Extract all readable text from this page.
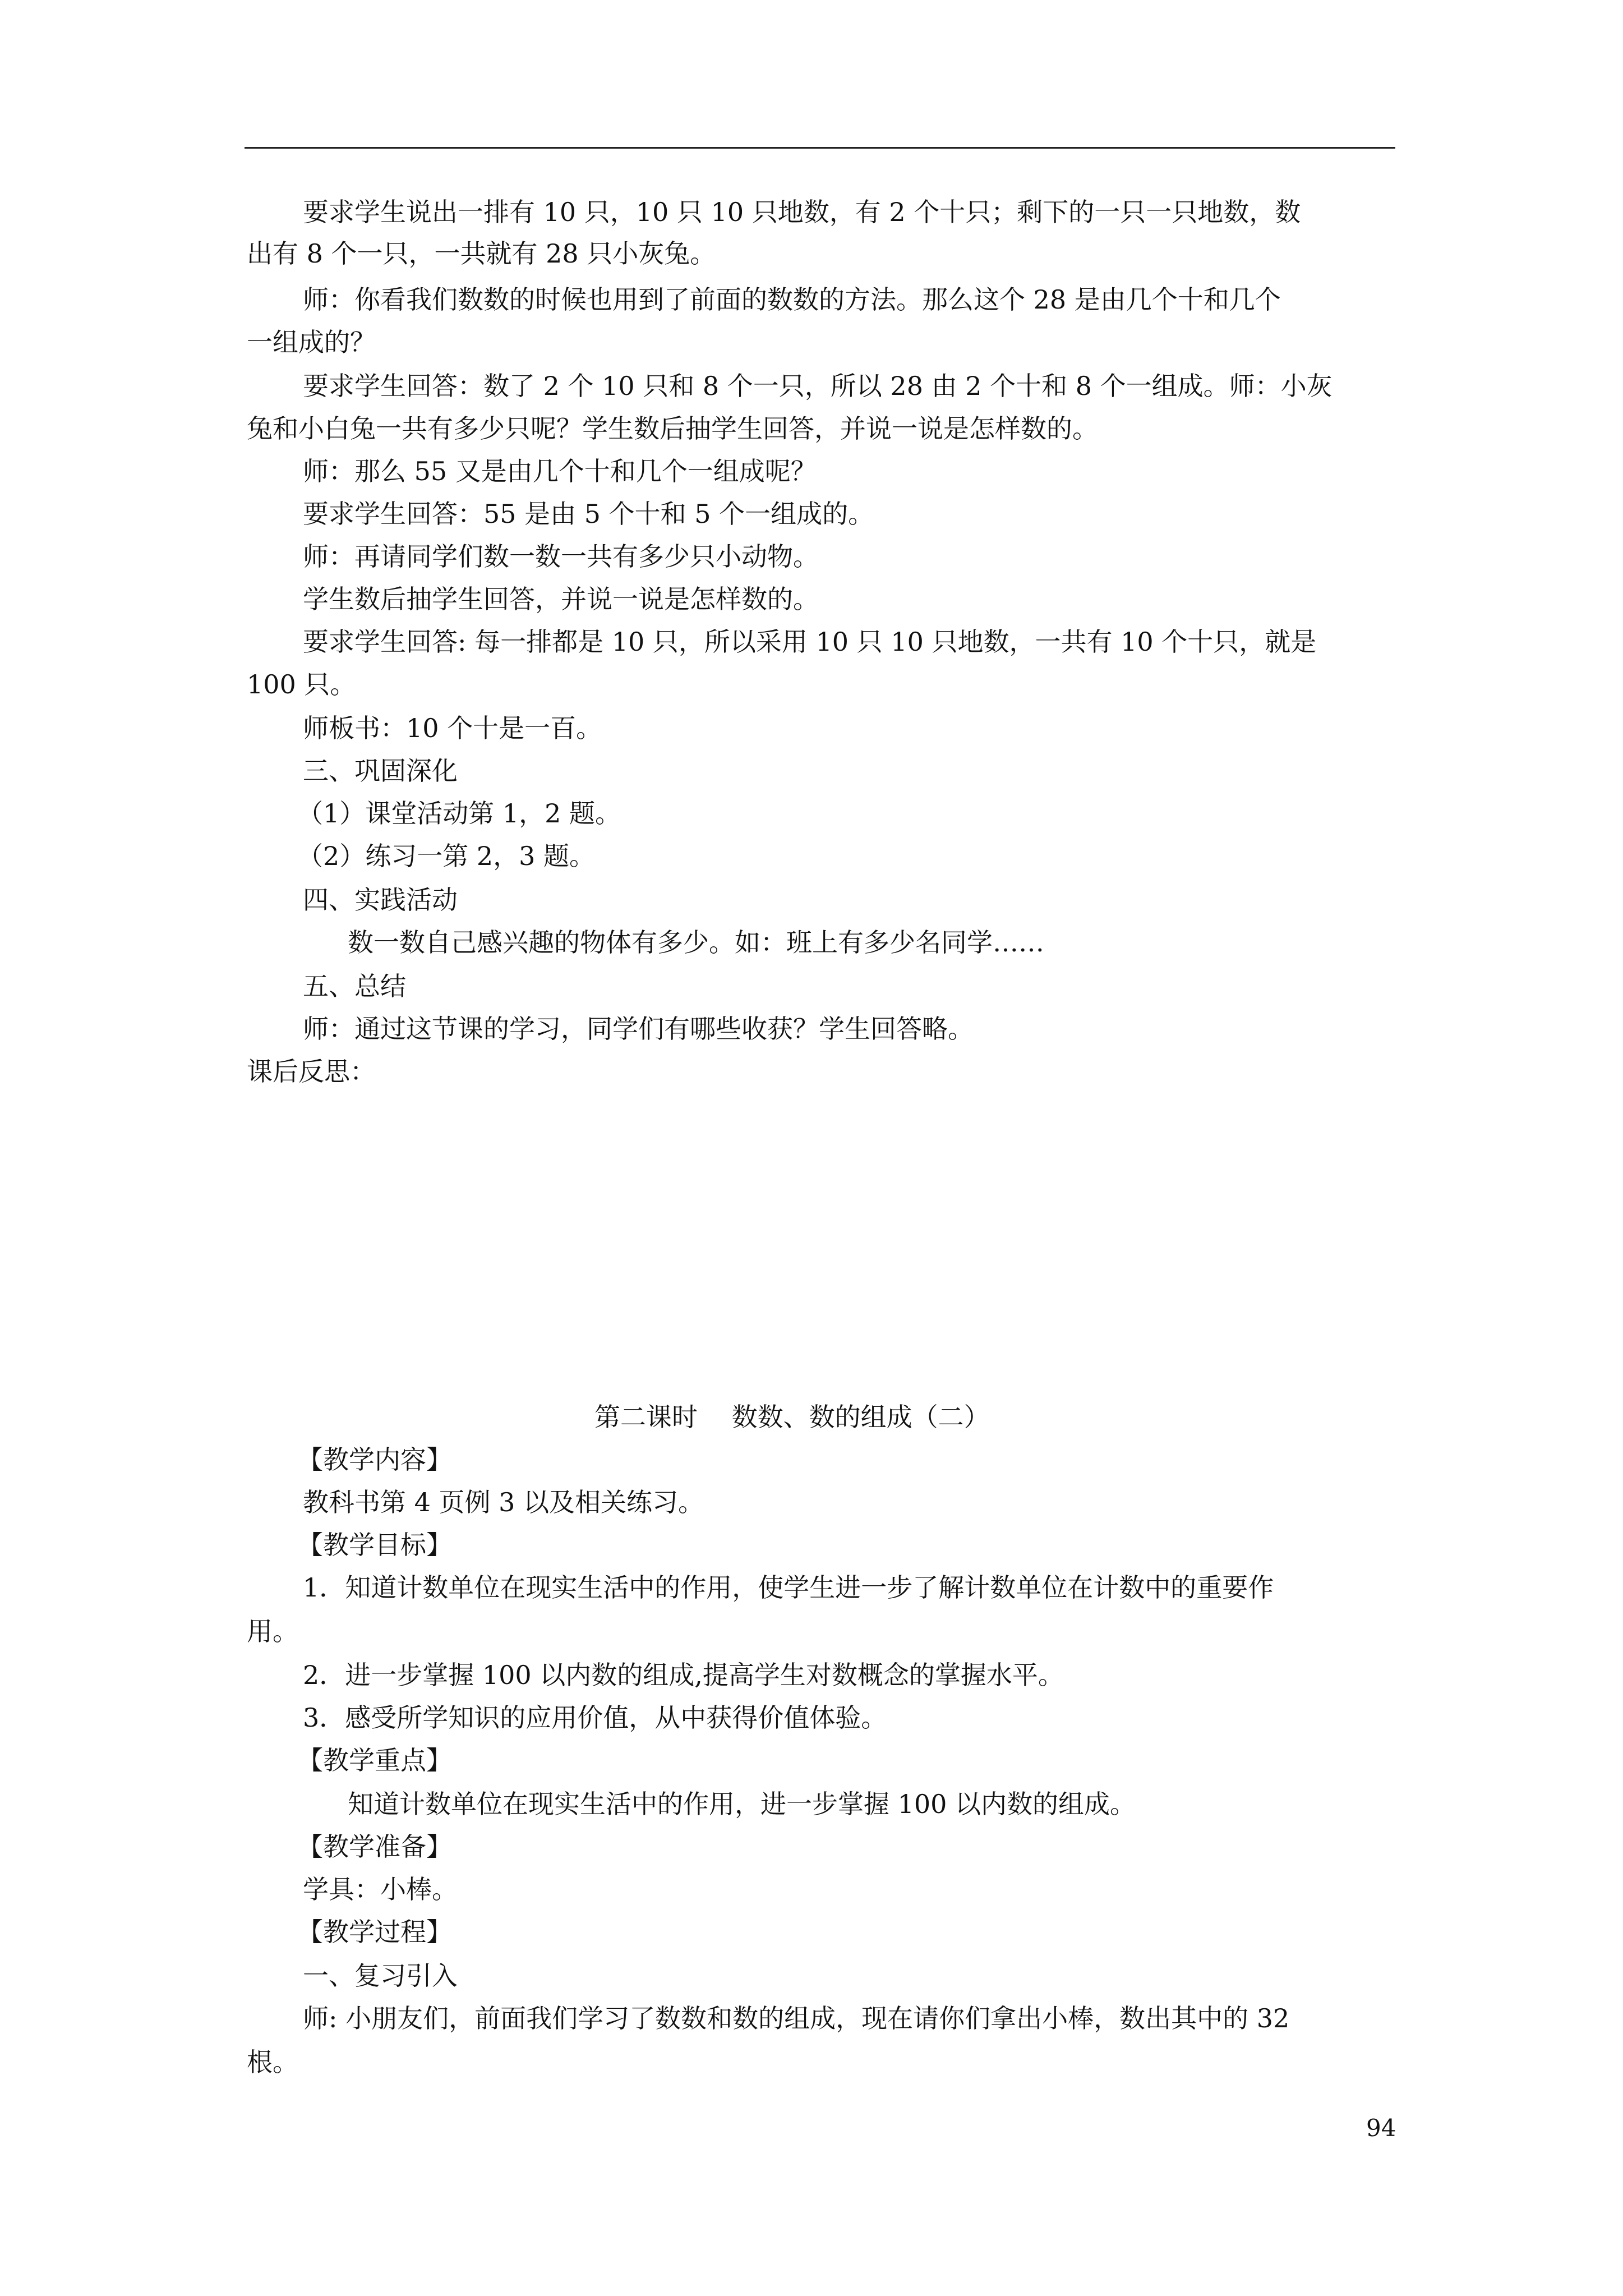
要求学生说出一排有 10 只，10 只 10 只地数，有 2 个十只；剩下的一只一只地数，数
出有 8 个一只，一共就有 28 只小灰兔。
师：你看我们数数的时候也用到了前面的数数的方法。那么这个 28 是由几个十和几个
一组成的？
要求学生回答：数了 2 个 10 只和 8 个一只，所以 28 由 2 个十和 8 个一组成。师：小灰
兔和小白兔一共有多少只呢？学生数后抽学生回答，并说一说是怎样数的。
师：那么 55 又是由几个十和几个一组成呢？
要求学生回答：55 是由 5 个十和 5 个一组成的。
师：再请同学们数一数一共有多少只小动物。
学生数后抽学生回答，并说一说是怎样数的。
要求学生回答: 每一排都是 10 只，所以采用 10 只 10 只地数，一共有 10 个十只，就是
100 只。
师板书：10 个十是一百。
三、巩固深化
（1）课堂活动第 1，2 题。
（2）练习一第 2，3 题。
四、实践活动
数一数自己感兴趣的物体有多少。如：班上有多少名同学……
五、总结
师：通过这节课的学习，同学们有哪些收获？学生回答略。
课后反思：
第二课时　 数数、数的组成（二）
【教学内容】
教科书第 4 页例 3 以及相关练习。
【教学目标】
1．知道计数单位在现实生活中的作用，使学生进一步了解计数单位在计数中的重要作
用。
2．进一步掌握 100 以内数的组成,提高学生对数概念的掌握水平。
3．感受所学知识的应用价值，从中获得价值体验。
【教学重点】
知道计数单位在现实生活中的作用，进一步掌握 100 以内数的组成。
【教学准备】
学具：小棒。
【教学过程】
一、复习引入
师: 小朋友们，前面我们学习了数数和数的组成，现在请你们拿出小棒，数出其中的 32
根。
94
